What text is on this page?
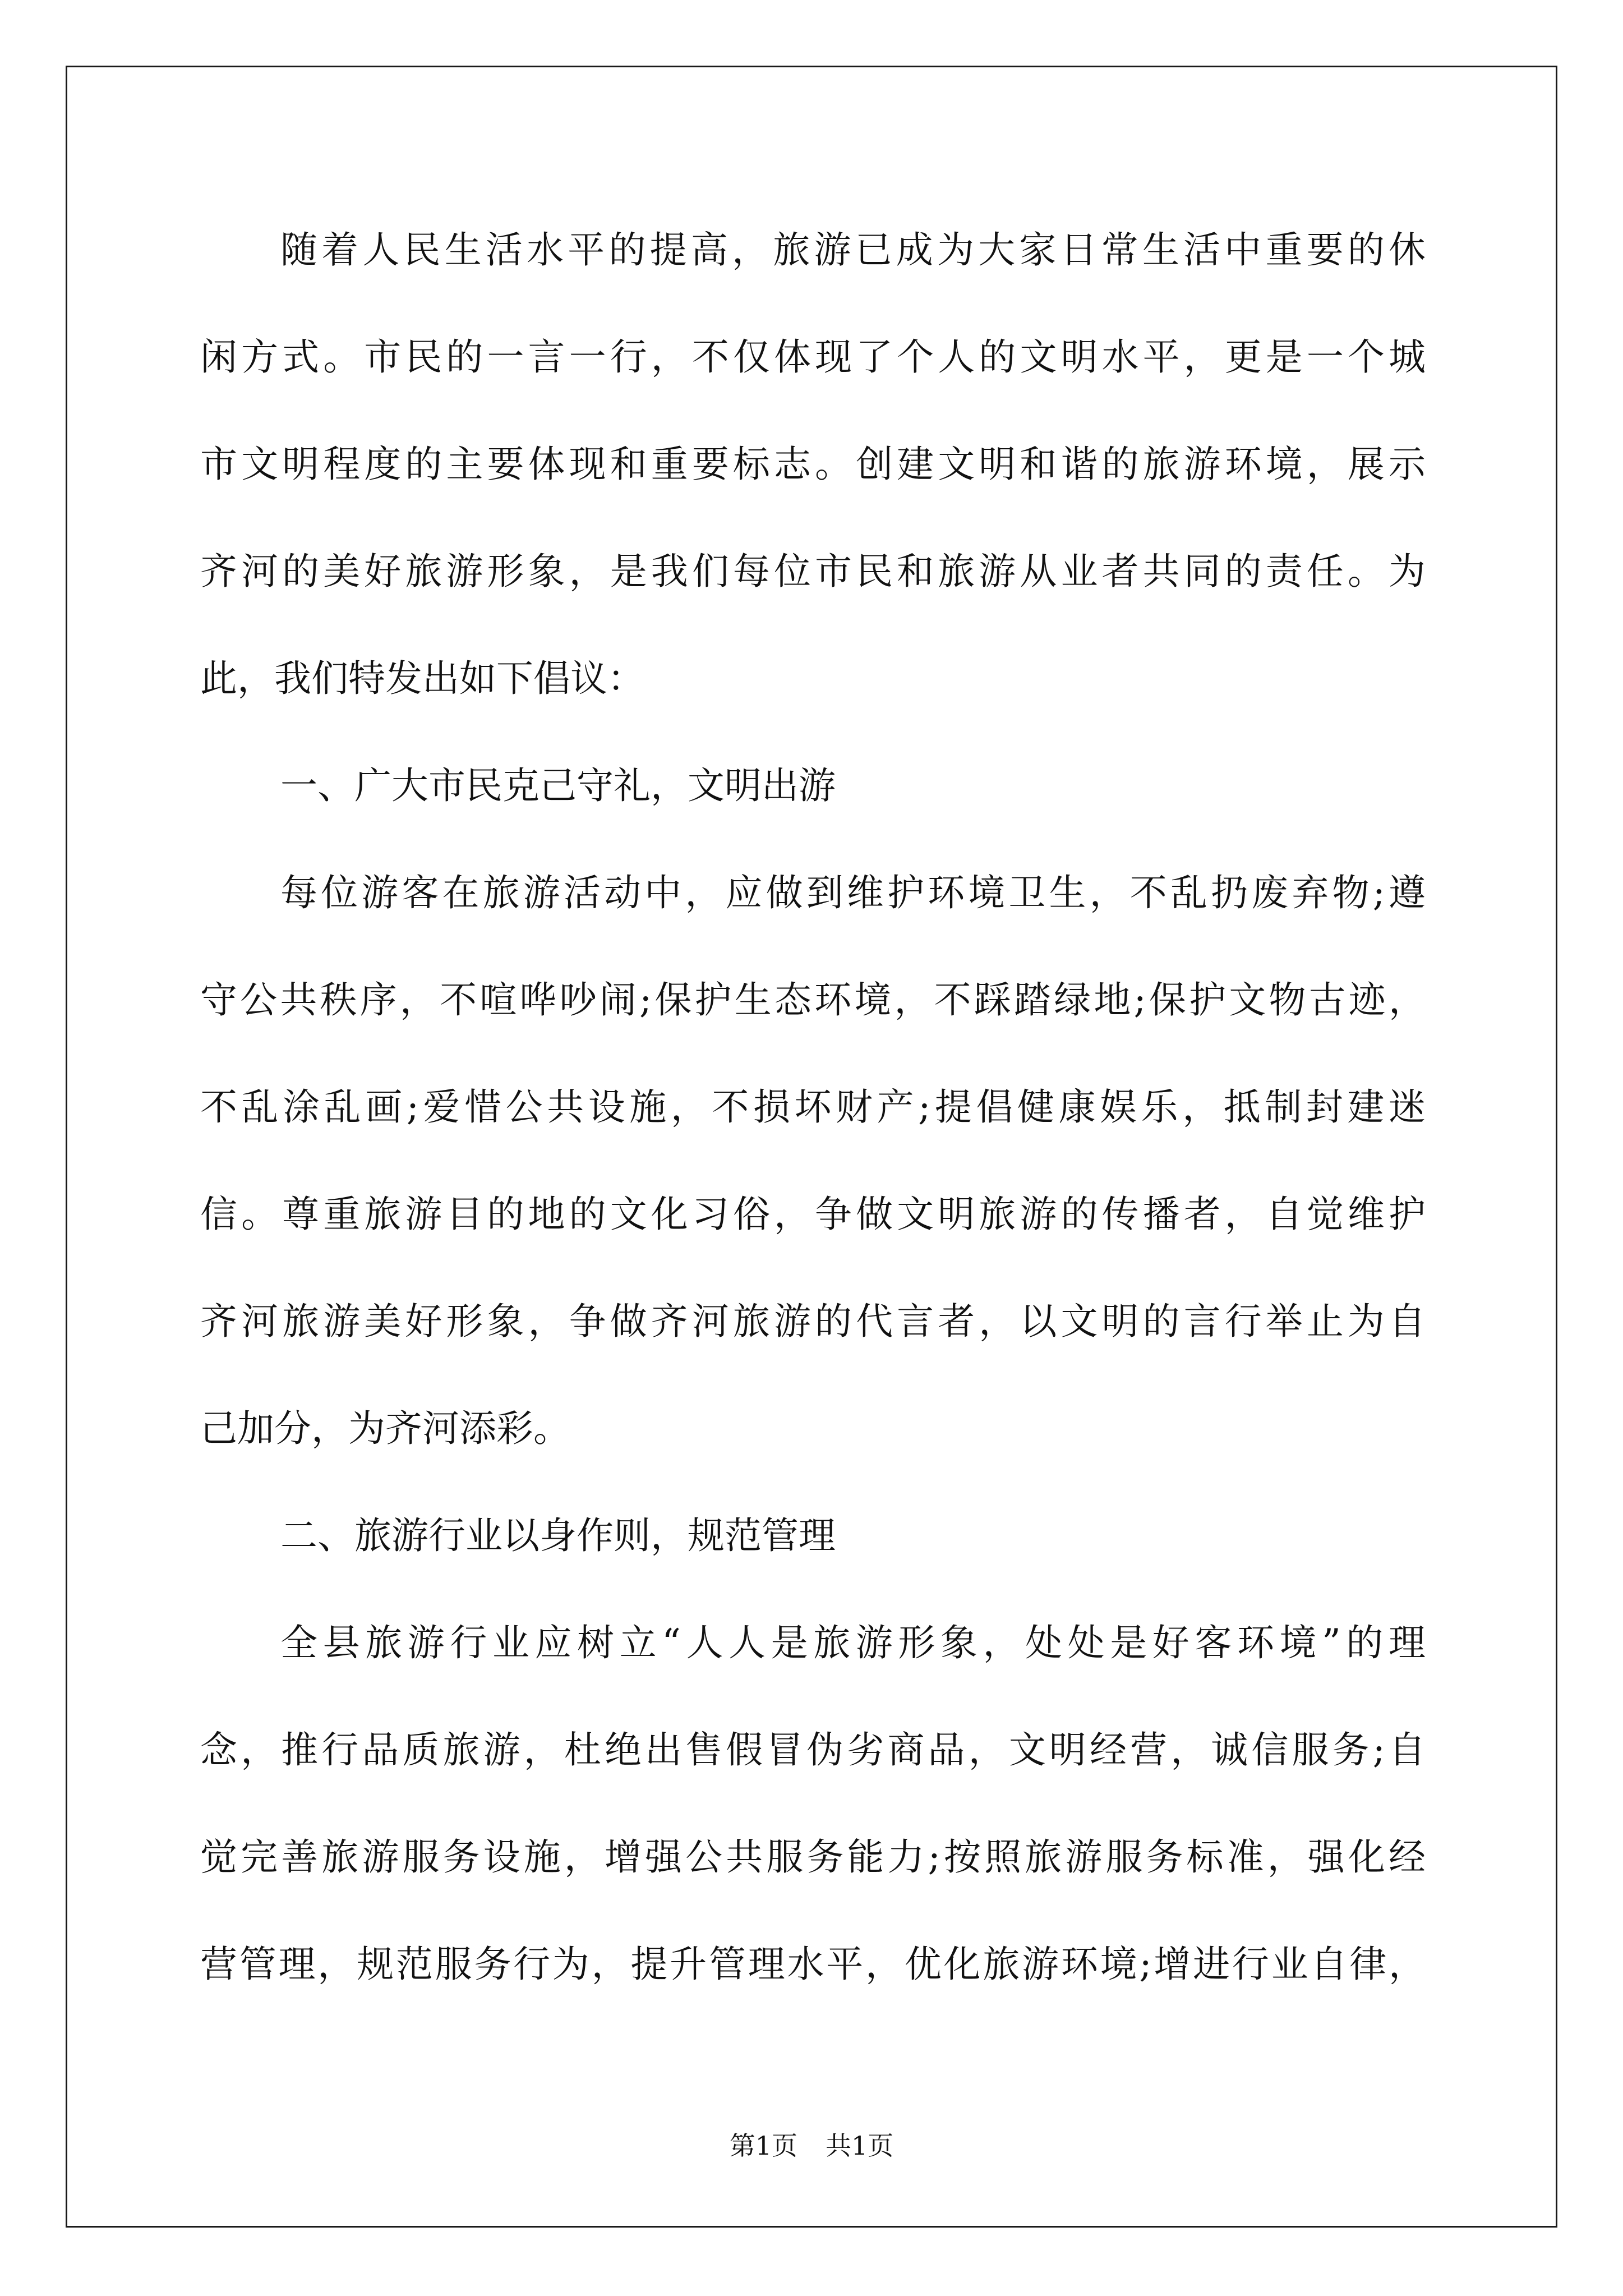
随着人民生活水平的提高，旅游已成为大家日常生活中重要的休
闲方式。市民的一言一行，不仅体现了个人的文明水平，更是一个城
市文明程度的主要体现和重要标志。创建文明和谐的旅游环境，展示
齐河的美好旅游形象，是我们每位市民和旅游从业者共同的责任。为
此，我们特发出如下倡议：
一、广大市民克己守礼，文明出游
每位游客在旅游活动中，应做到维护环境卫生，不乱扔废弃物;遵
守公共秩序，不喧哗吵闹;保护生态环境，不踩踏绿地;保护文物古迹，
不乱涂乱画;爱惜公共设施，不损坏财产;提倡健康娱乐，抵制封建迷
信。尊重旅游目的地的文化习俗，争做文明旅游的传播者，自觉维护
齐河旅游美好形象，争做齐河旅游的代言者，以文明的言行举止为自
己加分，为齐河添彩。
二、旅游行业以身作则，规范管理
全县旅游行业应树立“人人是旅游形象，处处是好客环境”的理
念，推行品质旅游，杜绝出售假冒伪劣商品，文明经营，诚信服务;自
觉完善旅游服务设施，增强公共服务能力;按照旅游服务标准，强化经
营管理，规范服务行为，提升管理水平，优化旅游环境;增进行业自律，
第1页 共1页
